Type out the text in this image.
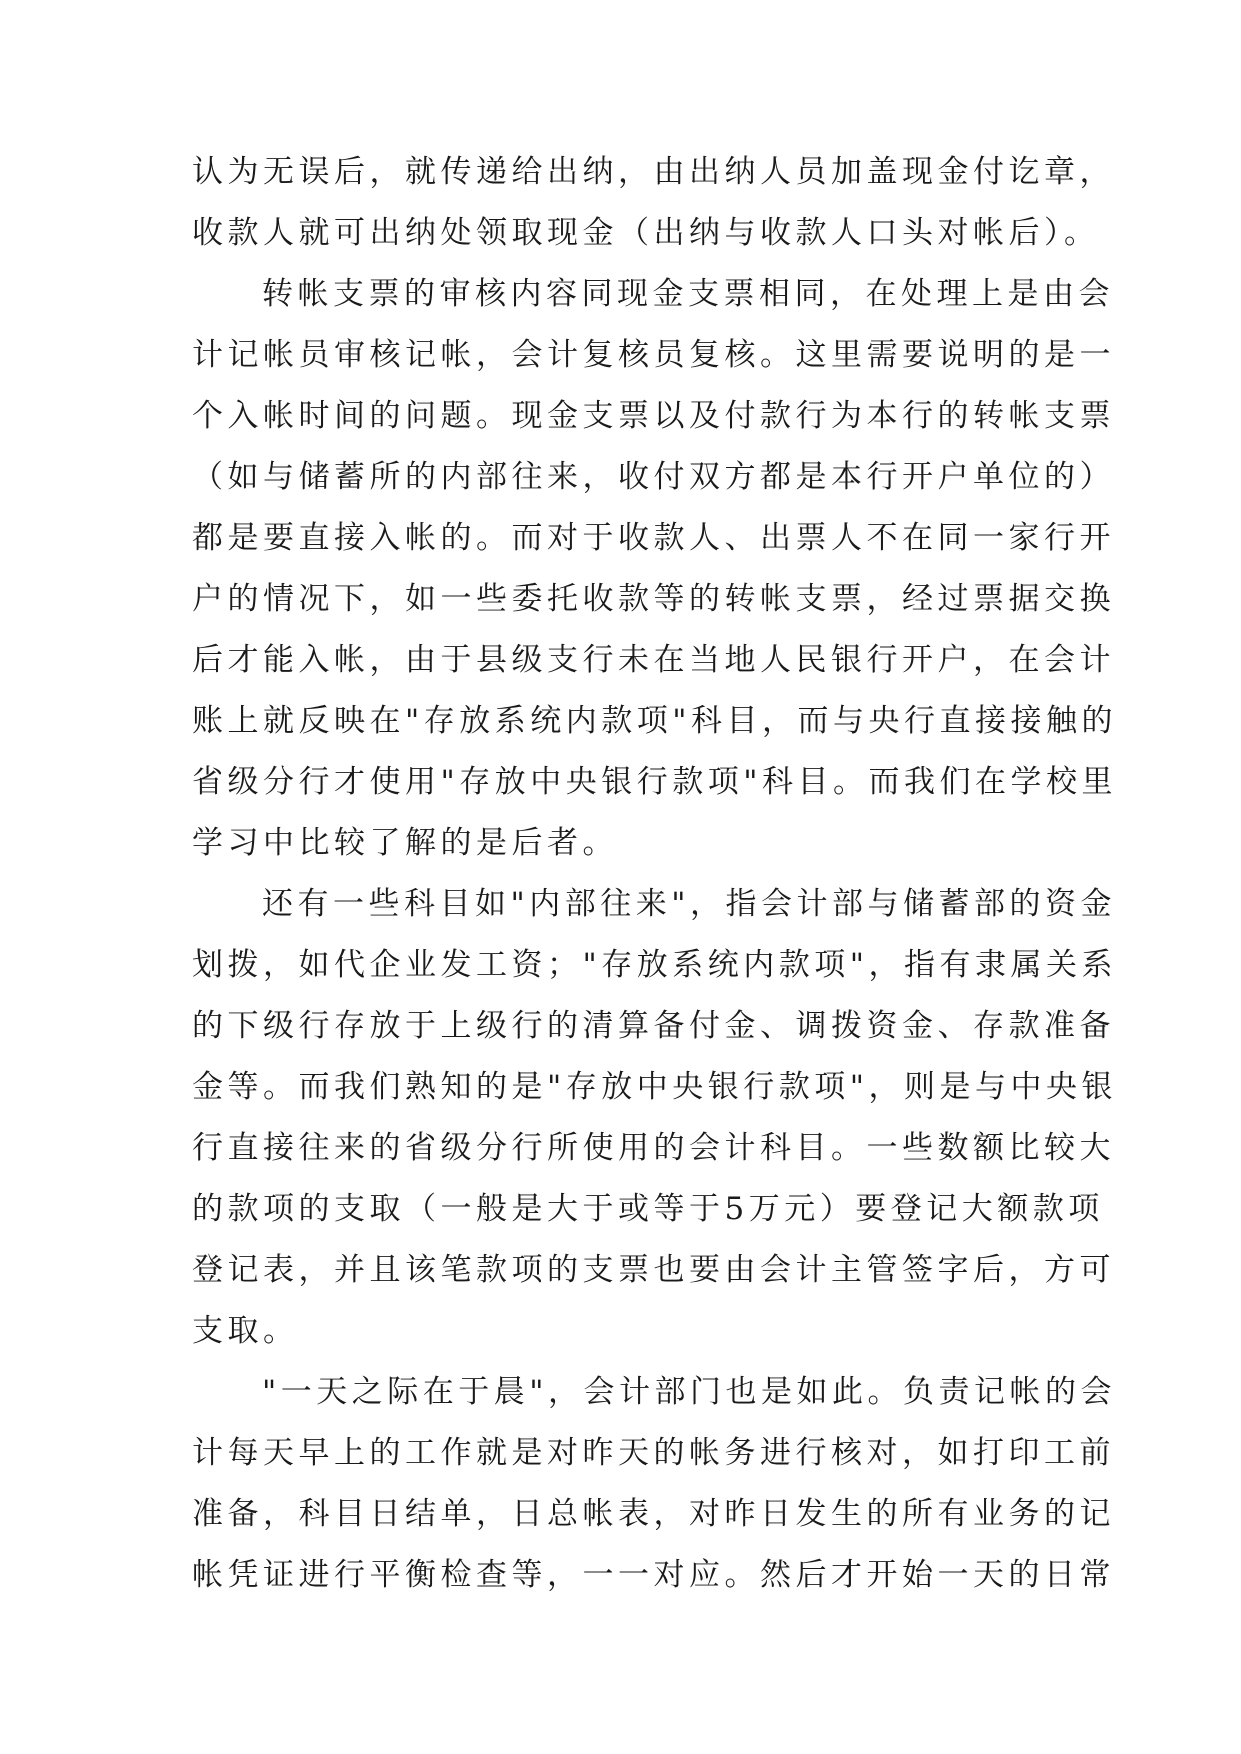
认为无误后，就传递给出纳，由出纳人员加盖现金付讫章，
收款人就可出纳处领取现金（出纳与收款人口头对帐后）。
转帐支票的审核内容同现金支票相同，在处理上是由会
计记帐员审核记帐，会计复核员复核。这里需要说明的是一
个入帐时间的问题。现金支票以及付款行为本行的转帐支票
（如与储蓄所的内部往来，收付双方都是本行开户单位的）
都是要直接入帐的。而对于收款人、出票人不在同一家行开
户的情况下，如一些委托收款等的转帐支票，经过票据交换
后才能入帐，由于县级支行未在当地人民银行开户，在会计
账上就反映在"存放系统内款项"科目，而与央行直接接触的
省级分行才使用"存放中央银行款项"科目。而我们在学校里
学习中比较了解的是后者。
还有一些科目如"内部往来"，指会计部与储蓄部的资金
划拨，如代企业发工资；"存放系统内款项"，指有隶属关系
的下级行存放于上级行的清算备付金、调拨资金、存款准备
金等。而我们熟知的是"存放中央银行款项"，则是与中央银
行直接往来的省级分行所使用的会计科目。一些数额比较大
的款项的支取（一般是大于或等于5万元）要登记大额款项
登记表，并且该笔款项的支票也要由会计主管签字后，方可
支取。
"一天之际在于晨"，会计部门也是如此。负责记帐的会
计每天早上的工作就是对昨天的帐务进行核对，如打印工前
准备，科目日结单，日总帐表，对昨日发生的所有业务的记
帐凭证进行平衡检查等，一一对应。然后才开始一天的日常
